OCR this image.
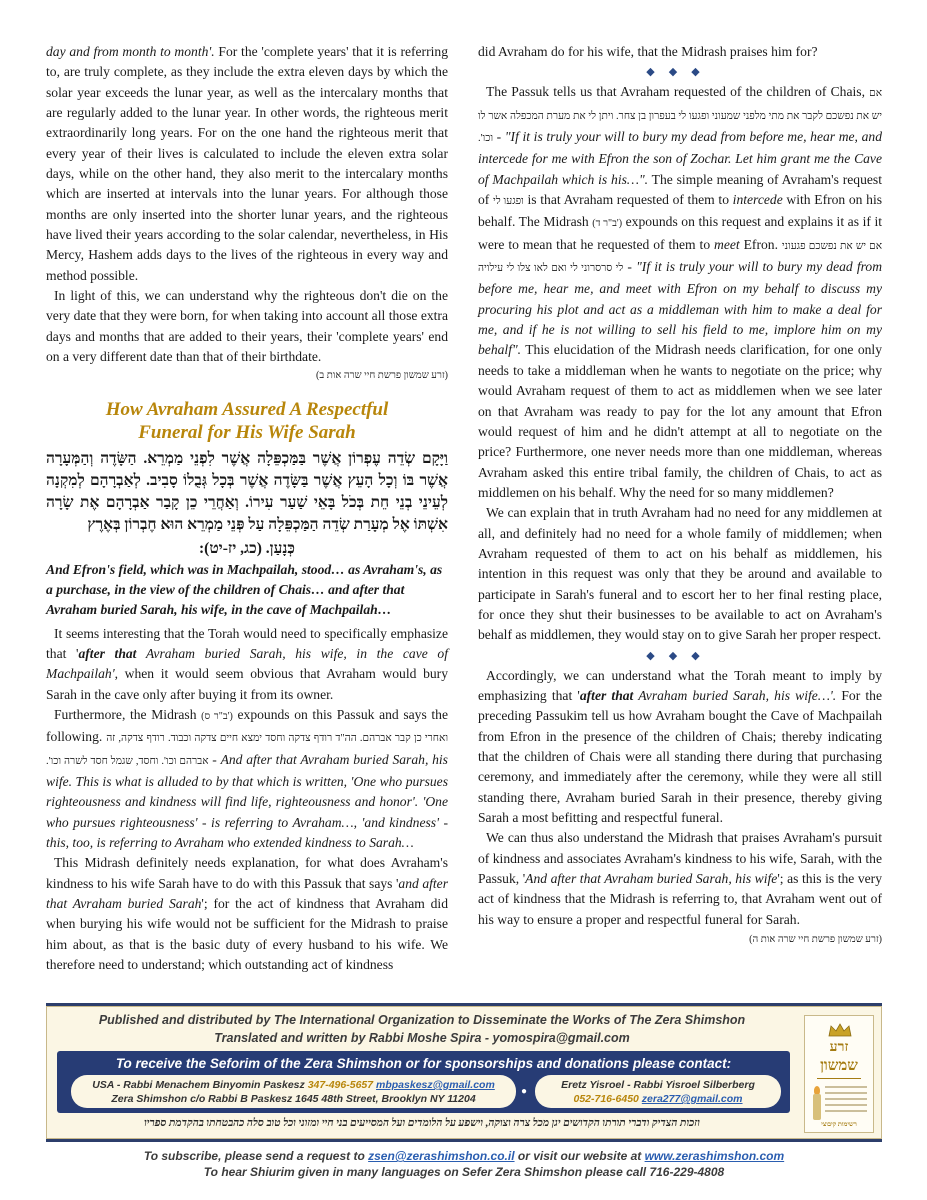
day and from month to month'. For the 'complete years' that it is referring to, are truly complete, as they include the extra eleven days by which the solar year exceeds the lunar year, as well as the intercalary months that are regularly added to the lunar year. In other words, the righteous merit extraordinarily long years. For on the one hand the righteous merit that every year of their lives is calculated to include the eleven extra solar days, while on the other hand, they also merit to the intercalary months which are inserted at intervals into the lunar years. For although those months are only inserted into the shorter lunar years, and the righteous have lived their years according to the solar calendar, nevertheless, in His Mercy, Hashem adds days to the lives of the righteous in every way and method possible.

In light of this, we can understand why the righteous don't die on the very date that they were born, for when taking into account all those extra days and months that are added to their years, their 'complete years' end on a very different date than that of their birthdate.

(זרע שמשון פרשת חיי שרה אות ב)
How Avraham Assured A Respectful
Funeral for His Wife Sarah
וַיָּקָם שְׂדֵה עֶפְרוֹן אֲשֶׁר בַּמַּכְפֵּלָה אֲשֶׁר לִפְנֵי מַמְרֵא. הַשָּׂדֶה וְהַמְּעָרָה אֲשֶׁר בּוֹ וְכָל הָעֵץ אֲשֶׁר בַּשָּׂדֶה אֲשֶׁר בְּכָל גְּבֻלוֹ סָבִיב. לְאַבְרָהָם לְמִקְנָה לְעֵינֵי בְנֵי חֵת בְּכֹל בָּאֵי שַׁעַר עִירוֹ. וְאַחֲרֵי כֵן קָבַר אַבְרָהָם אֶת שָׂרָה אִשְׁתּוֹ אֶל מְעָרַת שְׂדֵה הַמַּכְפֵּלָה עַל פְּנֵי מַמְרֵא הוּא חֶבְרוֹן בְּאֶרֶץ
כְּנָעַן. (כג, יז-יט):
And Efron's field, which was in Machpailah, stood… as Avraham's, as a purchase, in the view of the children of Chais… and after that Avraham buried Sarah, his wife, in the cave of Machpailah…

It seems interesting that the Torah would need to specifically emphasize that 'after that Avraham buried Sarah, his wife, in the cave of Machpailah', when it would seem obvious that Avraham would bury Sarah in the cave only after buying it from its owner.

Furthermore, the Midrash (ב"ר ס') expounds on this Passuk and says the following. ואחרי כן קבר אברהם. הה"ד רודף צדקה וחסד ימצא חיים צדקה וכבוד. רודף צדקה, זה אברהם וכו'. וחסד, שגמל חסד לשרה וכו'. - And after that Avraham buried Sarah, his wife. This is what is alluded to by that which is written, 'One who pursues righteousness and kindness will find life, righteousness and honor'. 'One who pursues righteousness' - is referring to Avraham…, 'and kindness' - this, too, is referring to Avraham who extended kindness to Sarah…

This Midrash definitely needs explanation, for what does Avraham's kindness to his wife Sarah have to do with this Passuk that says 'and after that Avraham buried Sarah'; for the act of kindness that Avraham did when burying his wife would not be sufficient for the Midrash to praise him about, as that is the basic duty of every husband to his wife. We therefore need to understand; which outstanding act of kindness

did Avraham do for his wife, that the Midrash praises him for?

◆◆◆

The Passuk tells us that Avraham requested of the children of Chais, אם יש את נפשכם לקבר את מתי מלפני שמעוני ופגעו לי בעפרון בן צחר. ויתן לי את מערת המכפלה אשר לו וכו'. - "If it is truly your will to bury my dead from before me, hear me, and intercede for me with Efron the son of Zochar. Let him grant me the Cave of Machpailah which is his…". The simple meaning of Avraham's request of ופגעו לי is that Avraham requested of them to intercede with Efron on his behalf. The Midrash (ב"ר ד') expounds on this request and explains it as if it were to mean that he requested of them to meet Efron. אם יש את נפשכם פגעוני לי סרסרוני לי ואם לאו צלו לי עילויה - "If it is truly your will to bury my dead from before me, hear me, and meet with Efron on my behalf to discuss my procuring his plot and act as a middleman with him to make a deal for me, and if he is not willing to sell his field to me, implore him on my behalf". This elucidation of the Midrash needs clarification, for one only needs to take a middleman when he wants to negotiate on the price; why would Avraham request of them to act as middlemen when we see later on that Avraham was ready to pay for the lot any amount that Efron would request of him and he didn't attempt at all to negotiate on the price? Furthermore, one never needs more than one middleman, whereas Avraham asked this entire tribal family, the children of Chais, to act as middlemen on his behalf. Why the need for so many middlemen?

We can explain that in truth Avraham had no need for any middlemen at all, and definitely had no need for a whole family of middlemen; when Avraham requested of them to act on his behalf as middlemen, his intention in this request was only that they be around and available to participate in Sarah's funeral and to escort her to her final resting place, for once they shut their businesses to be available to act on Avraham's behalf as middlemen, they would stay on to give Sarah her proper respect.

◆◆◆

Accordingly, we can understand what the Torah meant to imply by emphasizing that 'after that Avraham buried Sarah, his wife…'. For the preceding Passukim tell us how Avraham bought the Cave of Machpailah from Efron in the presence of the children of Chais; thereby indicating that the children of Chais were all standing there during that purchasing ceremony, and immediately after the ceremony, while they were all still standing there, Avraham buried Sarah in their presence, thereby giving Sarah a most befitting and respectful funeral.

We can thus also understand the Midrash that praises Avraham's pursuit of kindness and associates Avraham's kindness to his wife, Sarah, with the Passuk, 'And after that Avraham buried Sarah, his wife'; as this is the very act of kindness that the Midrash is referring to, that Avraham went out of his way to ensure a proper and respectful funeral for Sarah.
(זרע שמשון פרשת חיי שרה אות ה)

Published and distributed by The International Organization to Disseminate the Works of The Zera Shimshon
Translated and written by Rabbi Moshe Spira - yomospira@gmail.com
To receive the Seforim of the Zera Shimshon or for sponsorships and donations please contact:
USA - Rabbi Menachem Binyomin Paskesz 347-496-5657 mbpaskesz@gmail.com
Zera Shimshon c/o Rabbi B Paskesz 1645 48th Street, Brooklyn NY 11204
●
Eretz Yisroel - Rabbi Yisroel Silberberg
052-716-6450 zera277@gmail.com
וזכות הצדיק ודברי תורתו הקדושים יגן מכל צרה וצוקה, וישפע על הלומדים ועל המסייעים בני חיי ומזוני וכל טוב סלה כהבטחתו בהקדמת ספריו
זרע
שמשון
רשימות קיבוצי
To subscribe, please send a request to zsen@zerashimshon.co.il or visit our website at www.zerashimshon.com
To hear Shiurim given in many languages on Sefer Zera Shimshon please call 716-229-4808
